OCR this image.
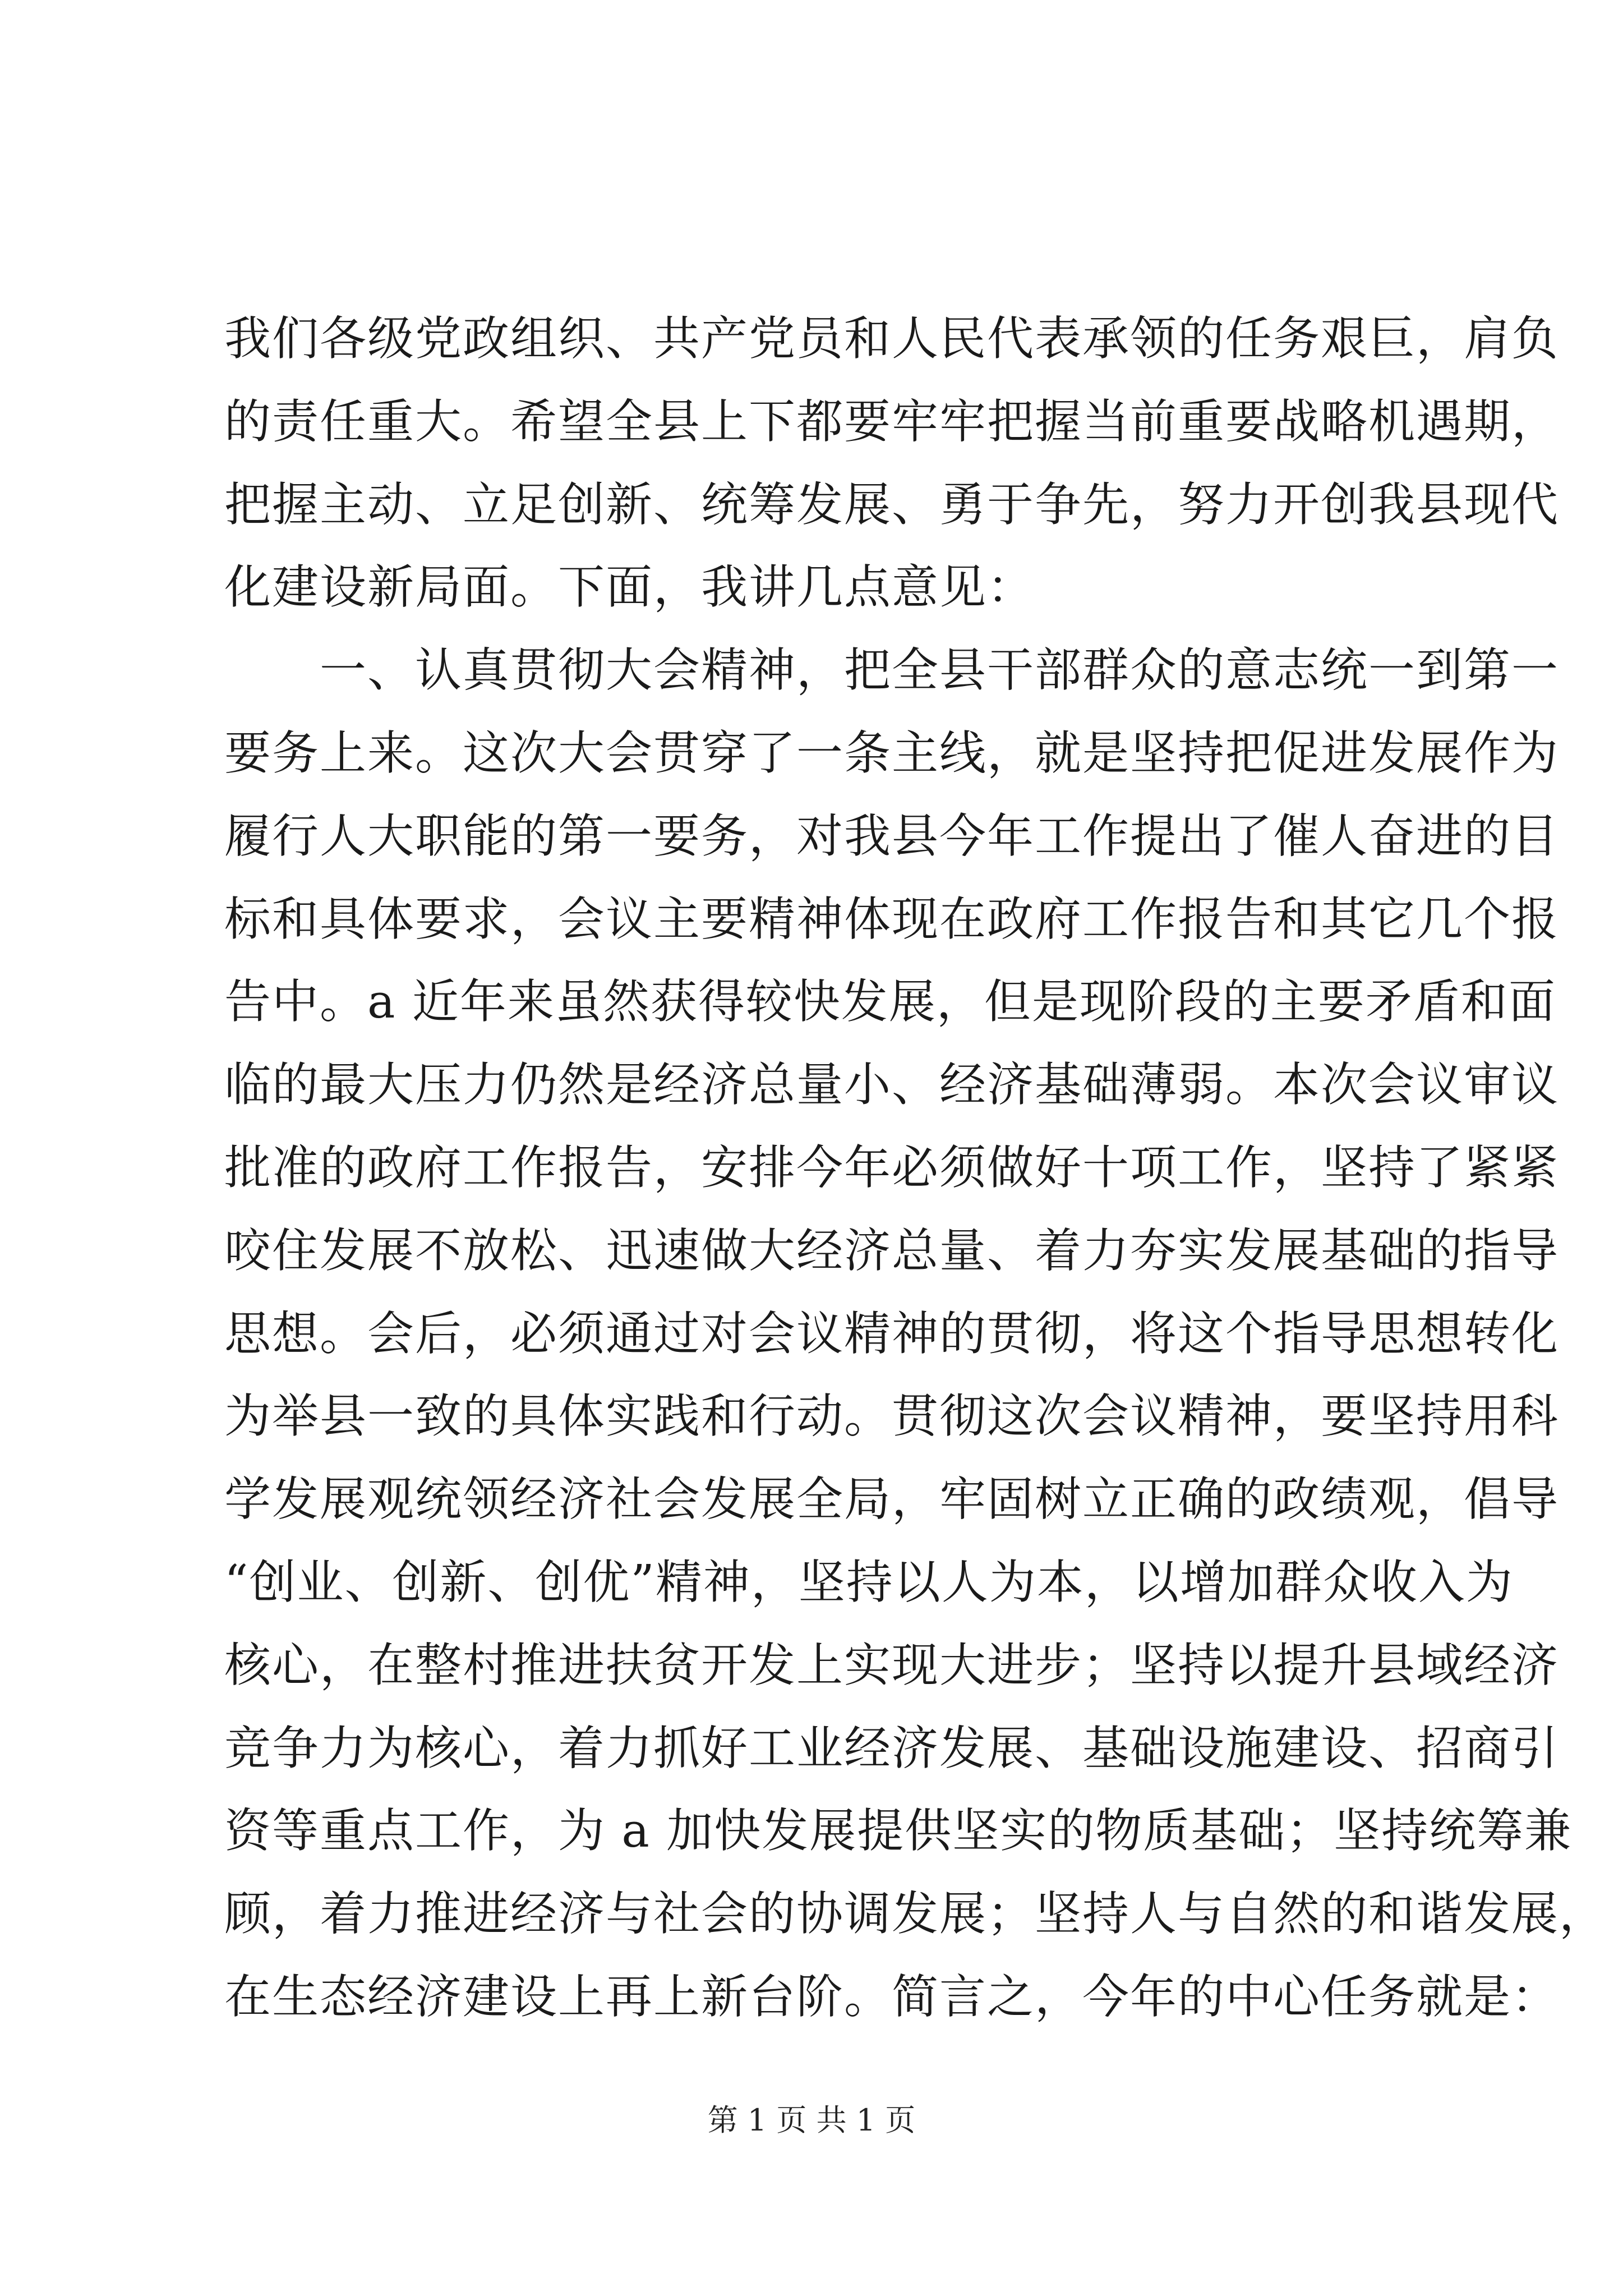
我们各级党政组织、共产党员和人民代表承领的任务艰巨，肩负
的责任重大。希望全县上下都要牢牢把握当前重要战略机遇期，
把握主动、立足创新、统筹发展、勇于争先，努力开创我县现代
化建设新局面。下面，我讲几点意见：
一、认真贯彻大会精神，把全县干部群众的意志统一到第一
要务上来。这次大会贯穿了一条主线，就是坚持把促进发展作为
履行人大职能的第一要务，对我县今年工作提出了催人奋进的目
标和具体要求，会议主要精神体现在政府工作报告和其它几个报
告中。a 近年来虽然获得较快发展，但是现阶段的主要矛盾和面
临的最大压力仍然是经济总量小、经济基础薄弱。本次会议审议
批准的政府工作报告，安排今年必须做好十项工作，坚持了紧紧
咬住发展不放松、迅速做大经济总量、着力夯实发展基础的指导
思想。会后，必须通过对会议精神的贯彻，将这个指导思想转化
为举县一致的具体实践和行动。贯彻这次会议精神，要坚持用科
学发展观统领经济社会发展全局，牢固树立正确的政绩观，倡导
“创业、创新、创优”精神，坚持以人为本，以增加群众收入为
核心，在整村推进扶贫开发上实现大进步；坚持以提升县域经济
竞争力为核心，着力抓好工业经济发展、基础设施建设、招商引
资等重点工作，为 a 加快发展提供坚实的物质基础；坚持统筹兼
顾，着力推进经济与社会的协调发展；坚持人与自然的和谐发展，
在生态经济建设上再上新台阶。简言之，今年的中心任务就是：
第 1 页 共 1 页
